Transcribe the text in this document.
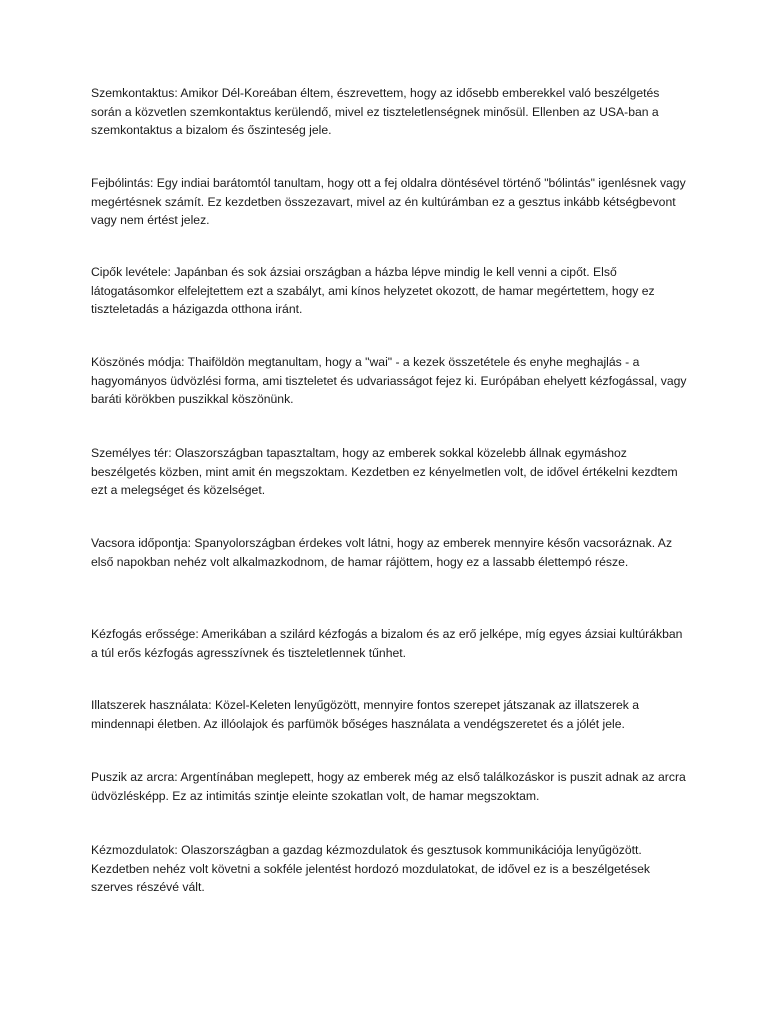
Szemkontaktus: Amikor Dél-Koreában éltem, észrevettem, hogy az idősebb emberekkel való beszélgetés során a közvetlen szemkontaktus kerülendő, mivel ez tiszteletlenségnek minősül. Ellenben az USA-ban a szemkontaktus a bizalom és őszinteség jele.

Fejbólintás: Egy indiai barátomtól tanultam, hogy ott a fej oldalra döntésével történő "bólintás" igenlésnek vagy megértésnek számít. Ez kezdetben összezavart, mivel az én kultúrámban ez a gesztus inkább kétségbevont vagy nem értést jelez.

Cipők levétele: Japánban és sok ázsiai országban a házba lépve mindig le kell venni a cipőt. Első látogatásomkor elfelejtettem ezt a szabályt, ami kínos helyzetet okozott, de hamar megértettem, hogy ez tiszteletadás a házigazda otthona iránt.

Köszönés módja: Thaiföldön megtanultam, hogy a "wai" - a kezek összetétele és enyhe meghajlás - a hagyományos üdvözlési forma, ami tiszteletet és udvariasságot fejez ki. Európában ehelyett kézfogással, vagy baráti körökben puszikkal köszönünk.

Személyes tér: Olaszországban tapasztaltam, hogy az emberek sokkal közelebb állnak egymáshoz beszélgetés közben, mint amit én megszoktam. Kezdetben ez kényelmetlen volt, de idővel értékelni kezdtem ezt a melegséget és közelséget.

Vacsora időpontja: Spanyolországban érdekes volt látni, hogy az emberek mennyire későn vacsoráznak. Az első napokban nehéz volt alkalmazkodnom, de hamar rájöttem, hogy ez a lassabb élettempó része.

Kézfogás erőssége: Amerikában a szilárd kézfogás a bizalom és az erő jelképe, míg egyes ázsiai kultúrákban a túl erős kézfogás agresszívnek és tiszteletlennek tűnhet.

Illatszerek használata: Közel-Keleten lenyűgözött, mennyire fontos szerepet játszanak az illatszerek a mindennapi életben. Az illóolajok és parfümök bőséges használata a vendégszeretet és a jólét jele.

Puszik az arcra: Argentínában meglepett, hogy az emberek még az első találkozáskor is puszit adnak az arcra üdvözlésképp. Ez az intimitás szintje eleinte szokatlan volt, de hamar megszoktam.

Kézmozdulatok: Olaszországban a gazdag kézmozdulatok és gesztusok kommunikációja lenyűgözött. Kezdetben nehéz volt követni a sokféle jelentést hordozó mozdulatokat, de idővel ez is a beszélgetések szerves részévé vált.
